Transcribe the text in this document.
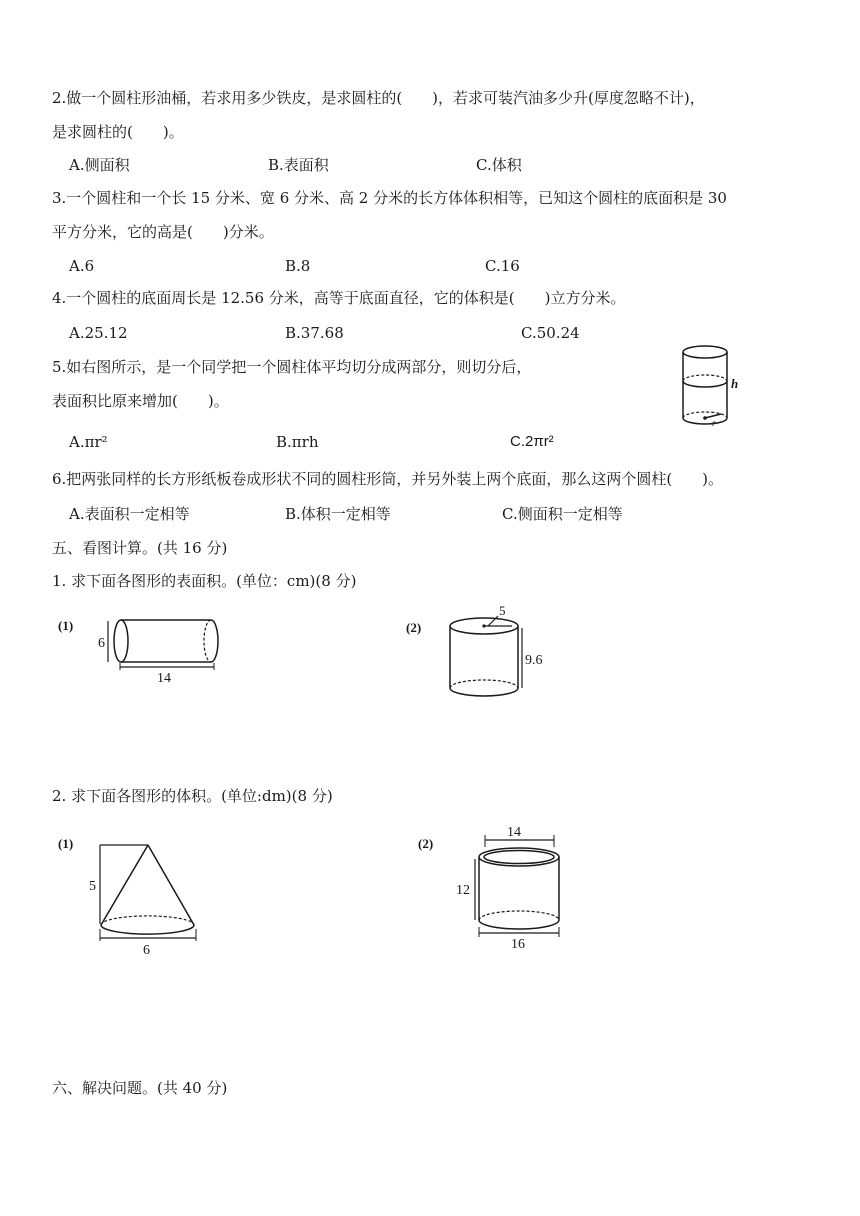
2.做一个圆柱形油桶，若求用多少铁皮，是求圆柱的(　　)，若求可装汽油多少升(厚度忽略不计)，
是求圆柱的(　　)。
A.侧面积	B.表面积	C.体积
3.一个圆柱和一个长 15 分米、宽 6 分米、高 2 分米的长方体体积相等，已知这个圆柱的底面积是 30
平方分米，它的高是(　　)分米。
A.6	B.8	C.16
4.一个圆柱的底面周长是 12.56 分米，高等于底面直径，它的体积是(　　)立方分米。
A.25.12	B.37.68	C.50.24
5.如右图所示，是一个同学把一个圆柱体平均切分成两部分，则切分后，
表面积比原来增加(　　)。
h
r
A.πr²	B.πrh	C.2πr²
6.把两张同样的长方形纸板卷成形状不同的圆柱形筒，并另外装上两个底面，那么这两个圆柱(　　)。
A.表面积一定相等	B.体积一定相等	C.侧面积一定相等
五、看图计算。(共 16 分)
1. 求下面各图形的表面积。(单位：cm)(8 分)
(1)
6
14
(2)
5
9.6
2. 求下面各图形的体积。(单位:dm)(8 分)
(1)
5
6
(2)
14
12
16
六、解决问题。(共 40 分)
